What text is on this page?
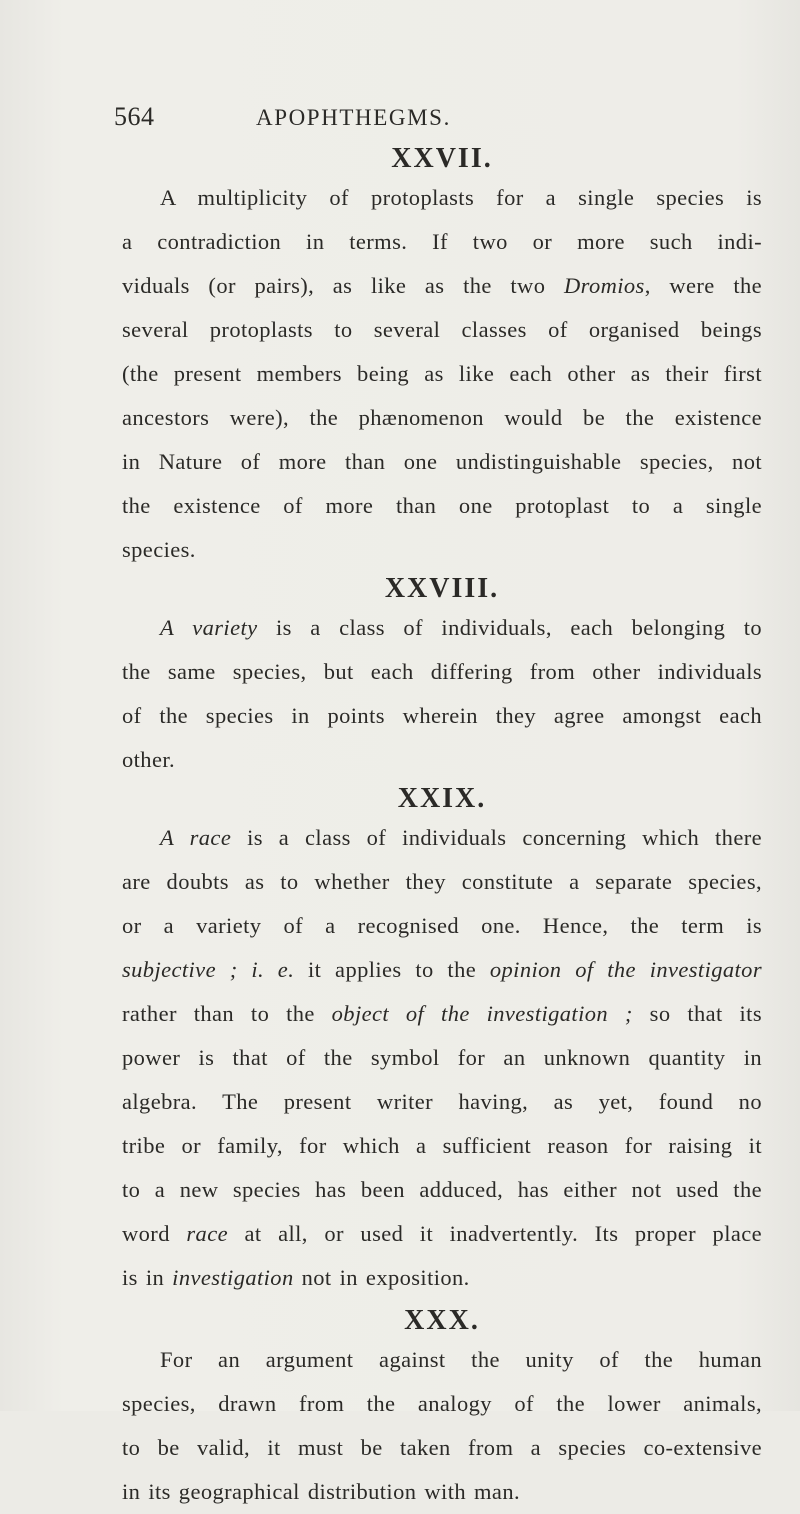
564	APOPHTHEGMS.
XXVII.

A multiplicity of protoplasts for a single species is
a contradiction in terms. If two or more such indi-
viduals (or pairs), as like as the two Dromios, were the
several protoplasts to several classes of organised beings
(the present members being as like each other as their first
ancestors were), the phænomenon would be the existence
in Nature of more than one undistinguishable species, not
the existence of more than one protoplast to a single
species.

XXVIII.

A variety is a class of individuals, each belonging to
the same species, but each differing from other individuals
of the species in points wherein they agree amongst each
other.

XXIX.

A race is a class of individuals concerning which there
are doubts as to whether they constitute a separate species,
or a variety of a recognised one. Hence, the term is
subjective ; i. e. it applies to the opinion of the investigator
rather than to the object of the investigation ; so that its
power is that of the symbol for an unknown quantity in
algebra. The present writer having, as yet, found no
tribe or family, for which a sufficient reason for raising it
to a new species has been adduced, has either not used the
word race at all, or used it inadvertently. Its proper place
is in investigation not in exposition.

XXX.

For an argument against the unity of the human
species, drawn from the analogy of the lower animals,
to be valid, it must be taken from a species co-extensive
in its geographical distribution with man.
